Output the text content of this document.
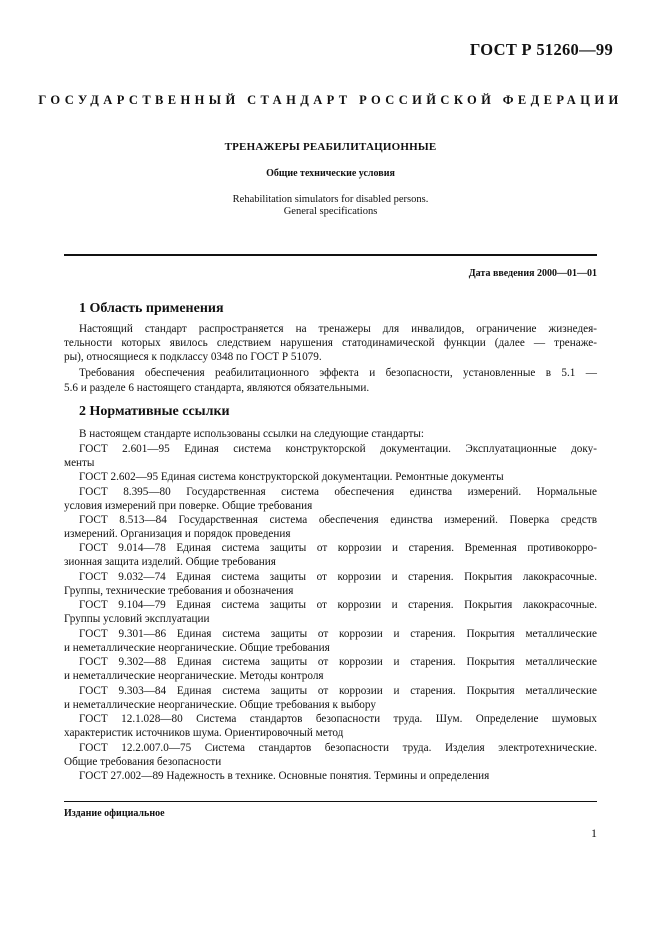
ГОСТ Р 51260—99
ГОСУДАРСТВЕННЫЙ СТАНДАРТ РОССИЙСКОЙ ФЕДЕРАЦИИ
ТРЕНАЖЕРЫ РЕАБИЛИТАЦИОННЫЕ
Общие технические условия
Rehabilitation simulators for disabled persons.
General specifications
Дата введения 2000—01—01
1 Область применения
Настоящий стандарт распространяется на тренажеры для инвалидов, ограничение жизнедея-
тельности которых явилось следствием нарушения статодинамической функции (далее — тренаже-
ры), относящиеся к подклассу 0348 по ГОСТ Р 51079.
Требования обеспечения реабилитационного эффекта и безопасности, установленные в 5.1 —
5.6 и разделе 6 настоящего стандарта, являются обязательными.
2 Нормативные ссылки
В настоящем стандарте использованы ссылки на следующие стандарты:
ГОСТ 2.601—95 Единая система конструкторской документации. Эксплуатационные доку-
менты
ГОСТ 2.602—95 Единая система конструкторской документации. Ремонтные документы
ГОСТ 8.395—80 Государственная система обеспечения единства измерений. Нормальные
условия измерений при поверке. Общие требования
ГОСТ 8.513—84 Государственная система обеспечения единства измерений. Поверка средств
измерений. Организация и порядок проведения
ГОСТ 9.014—78 Единая система защиты от коррозии и старения. Временная противокорро-
зионная защита изделий. Общие требования
ГОСТ 9.032—74 Единая система защиты от коррозии и старения. Покрытия лакокрасочные.
Группы, технические требования и обозначения
ГОСТ 9.104—79 Единая система защиты от коррозии и старения. Покрытия лакокрасочные.
Группы условий эксплуатации
ГОСТ 9.301—86 Единая система защиты от коррозии и старения. Покрытия металлические
и неметаллические неорганические. Общие требования
ГОСТ 9.302—88 Единая система защиты от коррозии и старения. Покрытия металлические
и неметаллические неорганические. Методы контроля
ГОСТ 9.303—84 Единая система защиты от коррозии и старения. Покрытия металлические
и неметаллические неорганические. Общие требования к выбору
ГОСТ 12.1.028—80 Система стандартов безопасности труда. Шум. Определение шумовых
характеристик источников шума. Ориентировочный метод
ГОСТ 12.2.007.0—75 Система стандартов безопасности труда. Изделия электротехнические.
Общие требования безопасности
ГОСТ 27.002—89 Надежность в технике. Основные понятия. Термины и определения
Издание официальное
1
